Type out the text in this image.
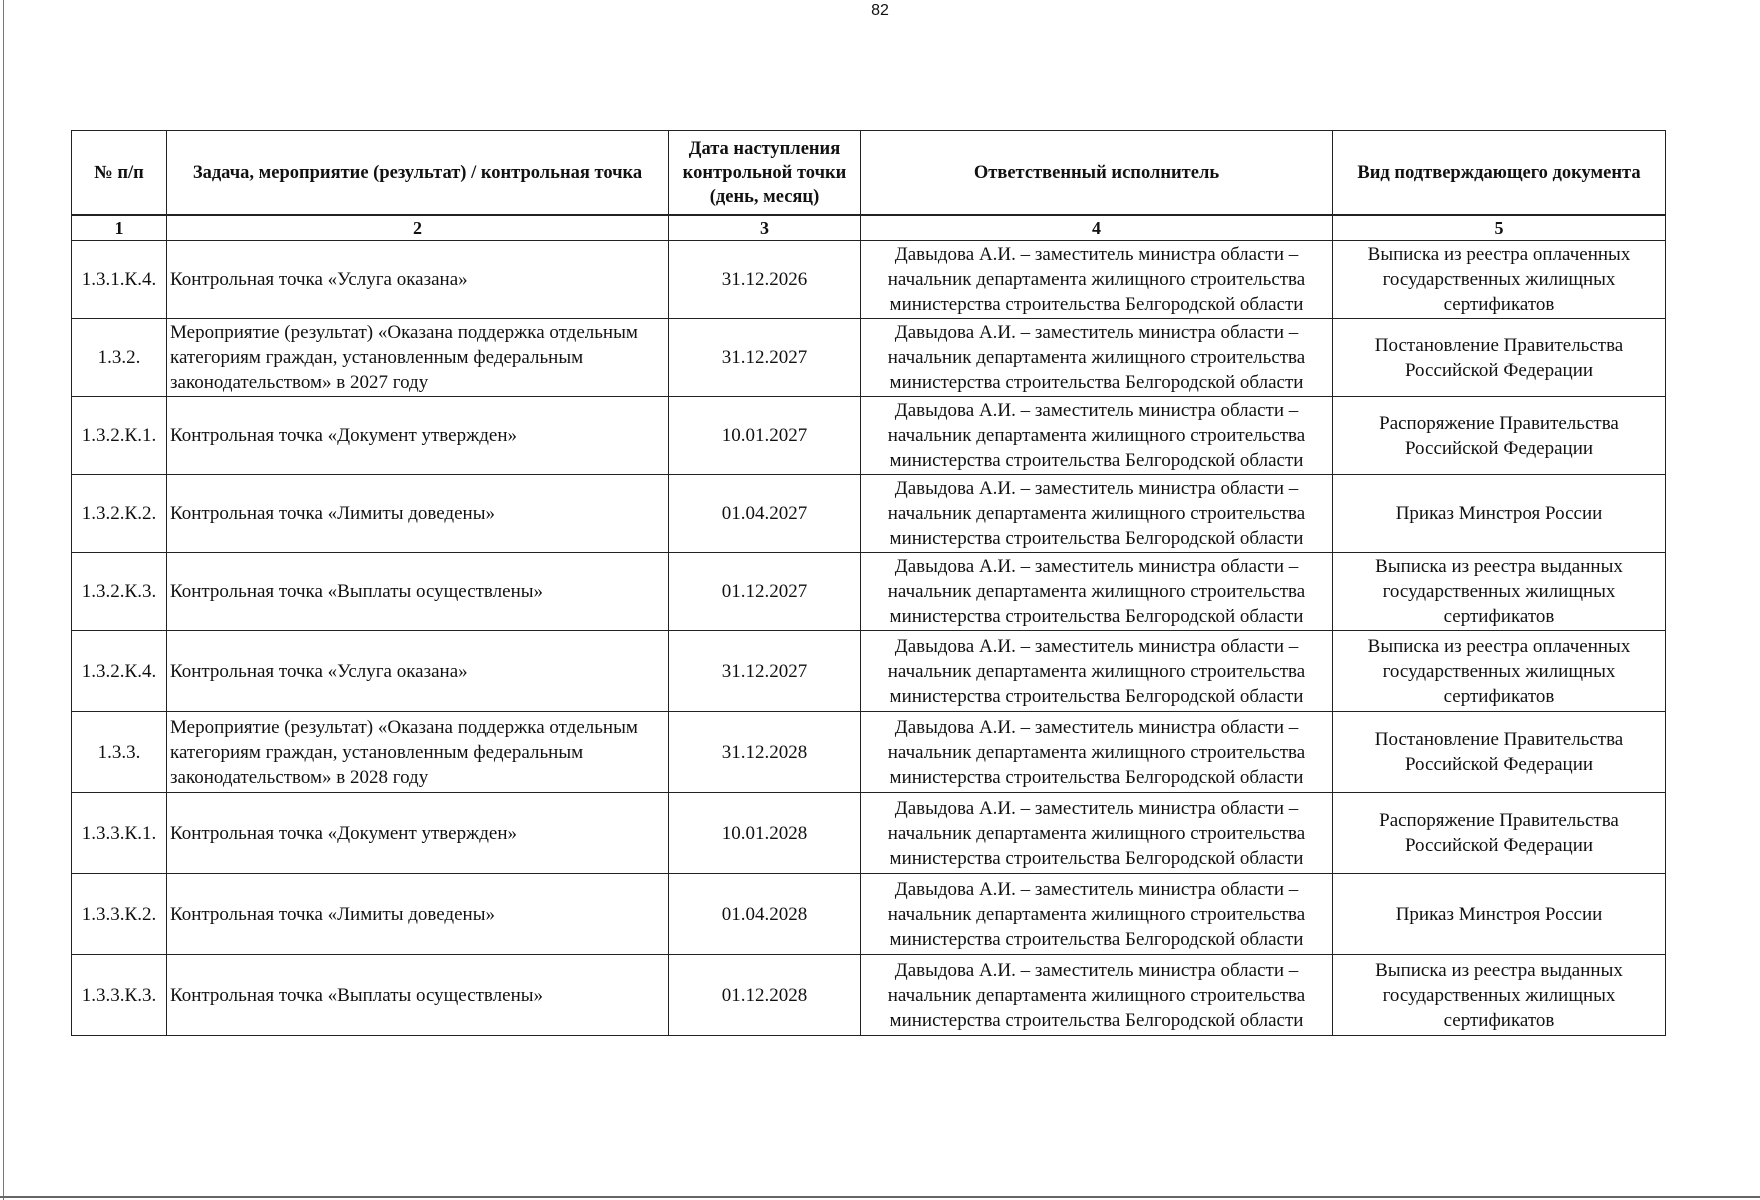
82
№ п/п	Задача, мероприятие (результат) / контрольная точка	Дата наступления контрольной точки (день, месяц)	Ответственный исполнитель	Вид подтверждающего документа
1	2	3	4	5
1.3.1.К.4.	Контрольная точка «Услуга оказана»	31.12.2026	Давыдова А.И. – заместитель министра области – начальник департамента жилищного строительства министерства строительства Белгородской области	Выписка из реестра оплаченных государственных жилищных сертификатов
1.3.2.	Мероприятие (результат) «Оказана поддержка отдельным категориям граждан, установленным федеральным законодательством» в 2027 году	31.12.2027	Давыдова А.И. – заместитель министра области – начальник департамента жилищного строительства министерства строительства Белгородской области	Постановление Правительства Российской Федерации
1.3.2.К.1.	Контрольная точка «Документ утвержден»	10.01.2027	Давыдова А.И. – заместитель министра области – начальник департамента жилищного строительства министерства строительства Белгородской области	Распоряжение Правительства Российской Федерации
1.3.2.К.2.	Контрольная точка «Лимиты доведены»	01.04.2027	Давыдова А.И. – заместитель министра области – начальник департамента жилищного строительства министерства строительства Белгородской области	Приказ Минстроя России
1.3.2.К.3.	Контрольная точка «Выплаты осуществлены»	01.12.2027	Давыдова А.И. – заместитель министра области – начальник департамента жилищного строительства министерства строительства Белгородской области	Выписка из реестра выданных государственных жилищных сертификатов
1.3.2.К.4.	Контрольная точка «Услуга оказана»	31.12.2027	Давыдова А.И. – заместитель министра области – начальник департамента жилищного строительства министерства строительства Белгородской области	Выписка из реестра оплаченных государственных жилищных сертификатов
1.3.3.	Мероприятие (результат) «Оказана поддержка отдельным категориям граждан, установленным федеральным законодательством» в 2028 году	31.12.2028	Давыдова А.И. – заместитель министра области – начальник департамента жилищного строительства министерства строительства Белгородской области	Постановление Правительства Российской Федерации
1.3.3.К.1.	Контрольная точка «Документ утвержден»	10.01.2028	Давыдова А.И. – заместитель министра области – начальник департамента жилищного строительства министерства строительства Белгородской области	Распоряжение Правительства Российской Федерации
1.3.3.К.2.	Контрольная точка «Лимиты доведены»	01.04.2028	Давыдова А.И. – заместитель министра области – начальник департамента жилищного строительства министерства строительства Белгородской области	Приказ Минстроя России
1.3.3.К.3.	Контрольная точка «Выплаты осуществлены»	01.12.2028	Давыдова А.И. – заместитель министра области – начальник департамента жилищного строительства министерства строительства Белгородской области	Выписка из реестра выданных государственных жилищных сертификатов
